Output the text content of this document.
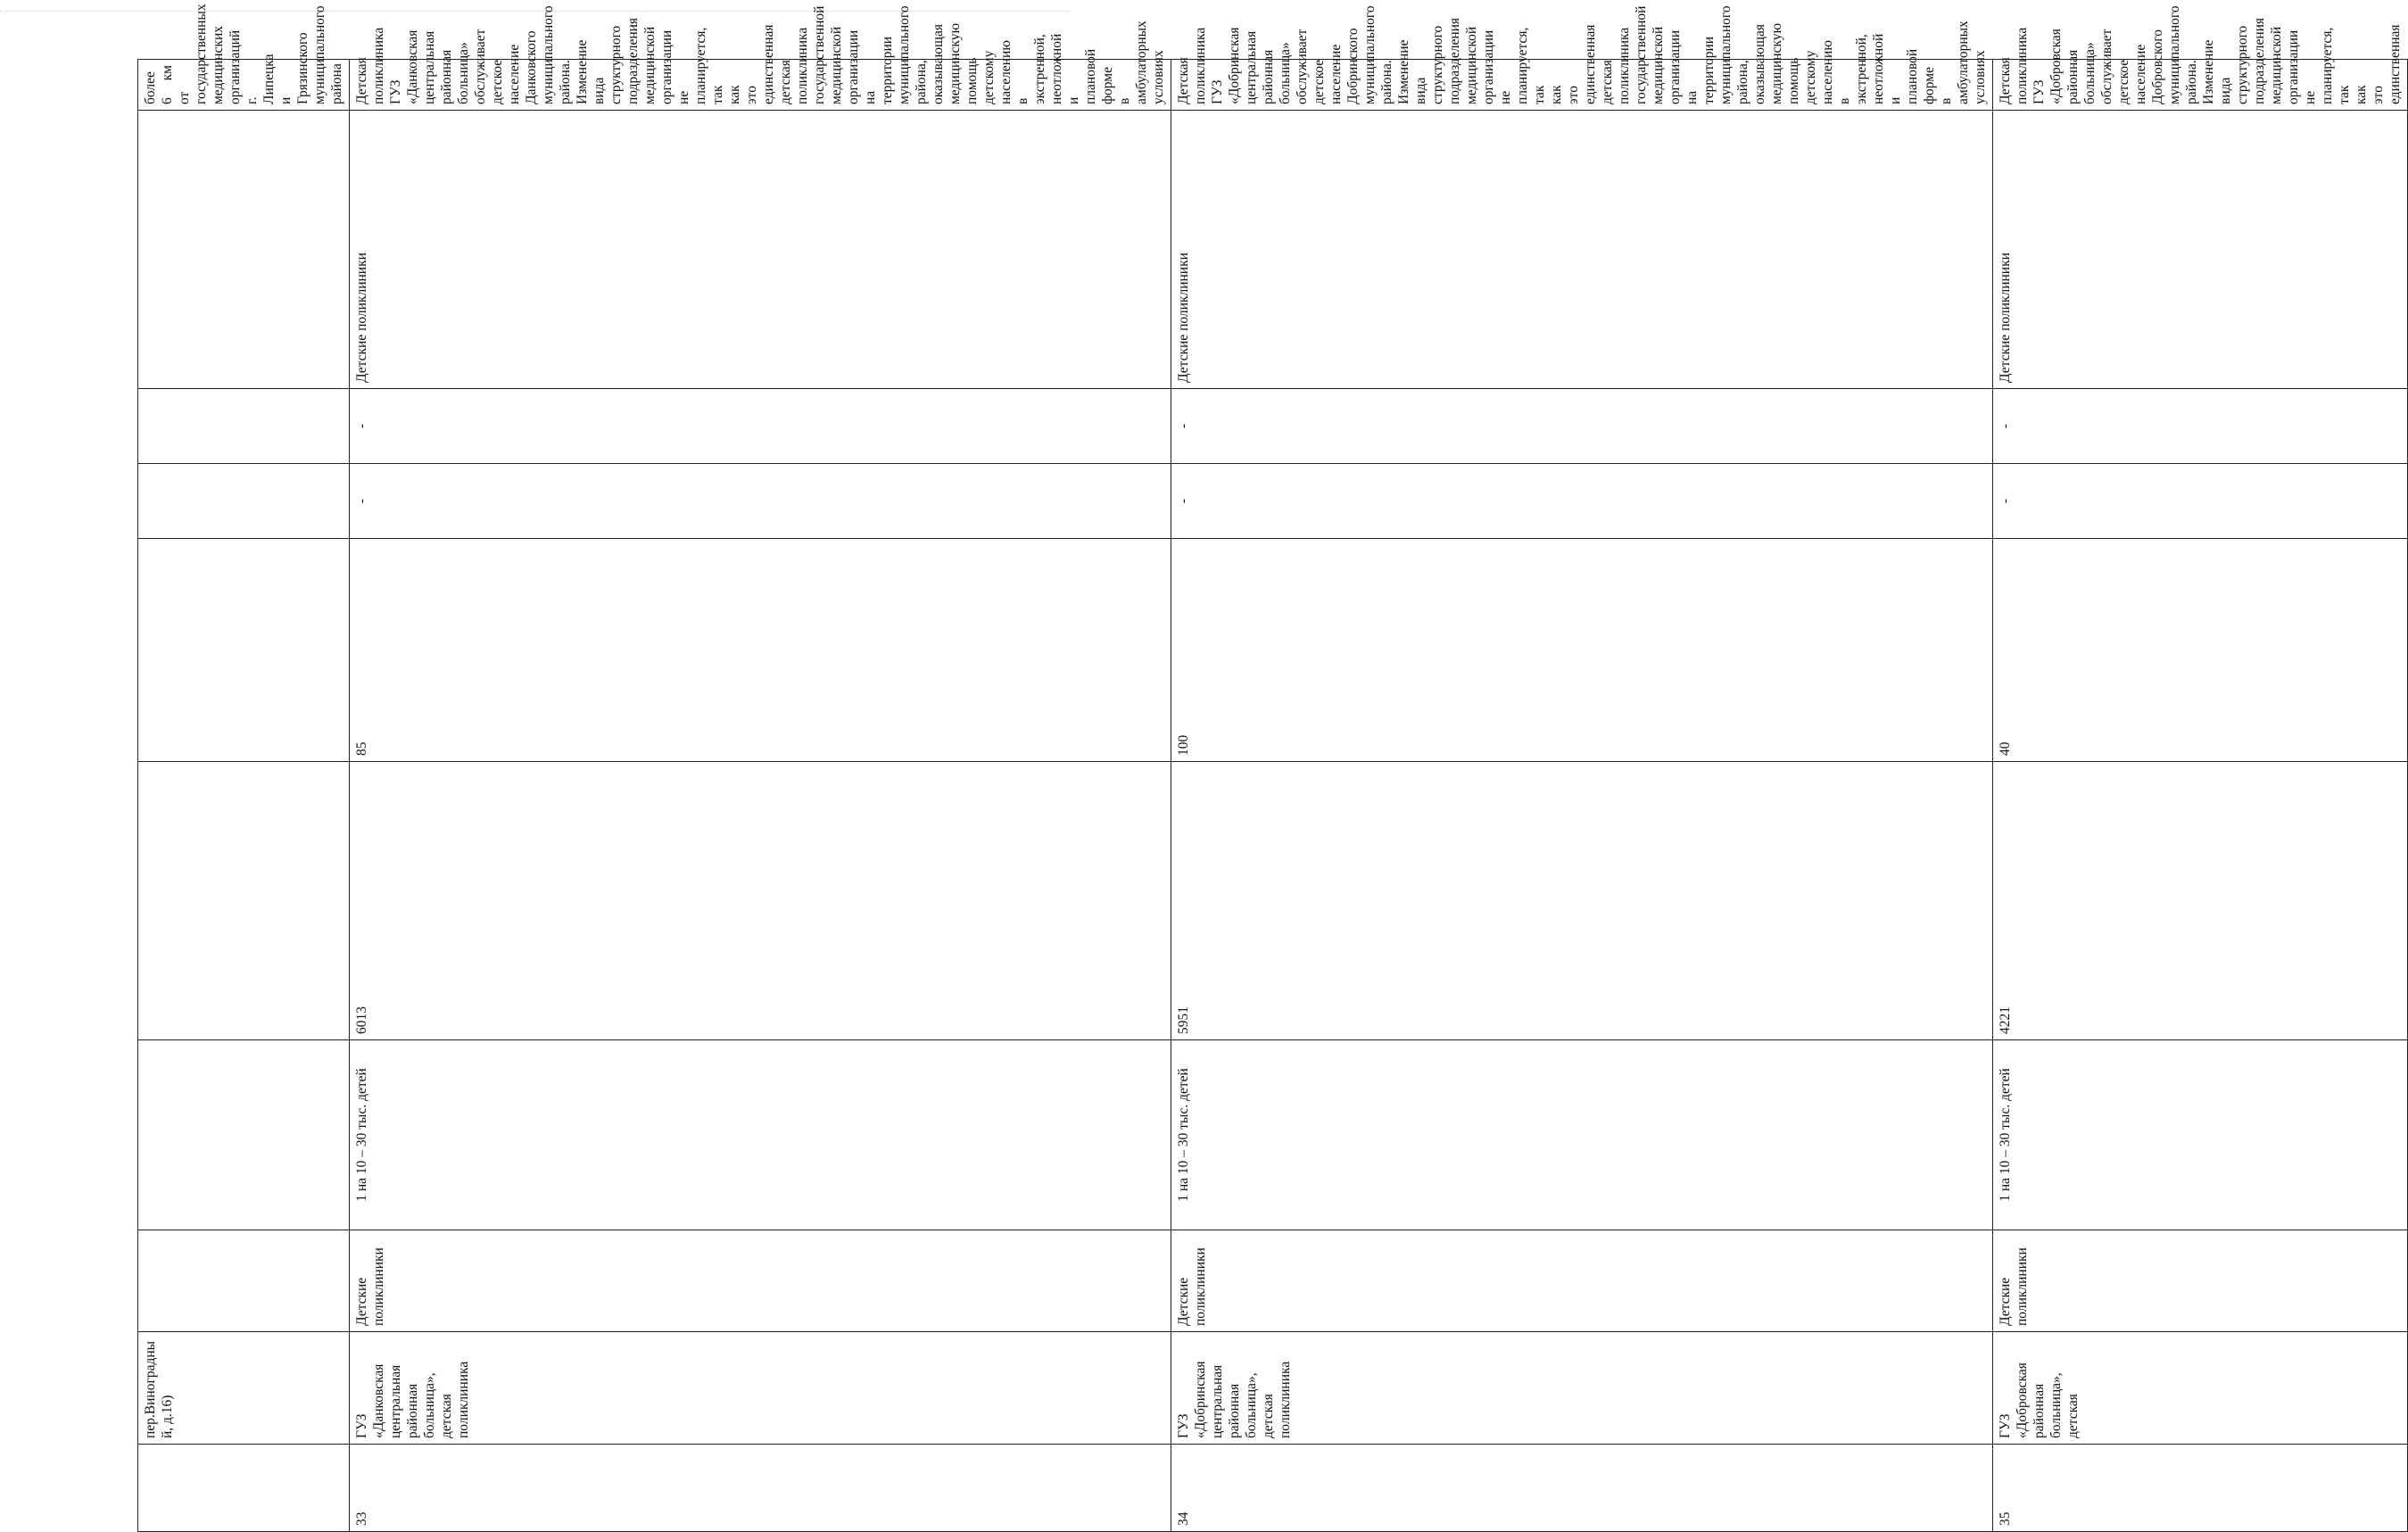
	пер.Виноградны й, д.16)								более 6 км от государственных медицинских организаций г. Липецка и Грязинского муниципального района
33	ГУЗ «Данковская центральная районная больница», детская поликлиника	Детские поликлиники	1 на 10 – 30 тыс. детей	6013	85	-	-	Детские поликлиники	Детская поликлиника ГУЗ «Данковская центральная районная больница» обслуживает детское население Данковского муниципального района. Изменение вида структурного подразделения медицинской организации не планируется, так как это единственная детская поликлиника государственной медицинской организации на территории муниципального района, оказывающая медицинскую помощь детскому населению в экстренной, неотложной и плановой форме в амбулаторных условиях
34	ГУЗ «Добринская центральная районная больница», детская поликлиника	Детские поликлиники	1 на 10 – 30 тыс. детей	5951	100	-	-	Детские поликлиники	Детская поликлиника ГУЗ «Добринская центральная районная больница» обслуживает детское население Добринского муниципального района. Изменение вида структурного подразделения медицинской организации не планируется, так как это единственная детская поликлиника государственной медицинской организации на территории муниципального района, оказывающая медицинскую помощь детскому населению в экстренной, неотложной и плановой форме в амбулаторных условиях
35	ГУЗ «Добровская районная больница», детская	Детские поликлиники	1 на 10 – 30 тыс. детей	4221	40	-	-	Детские поликлиники	Детская поликлиника ГУЗ «Добровская районная больница» обслуживает детское население Добровского муниципального района. Изменение вида структурного подразделения медицинской организации не планируется, так как это единственная
